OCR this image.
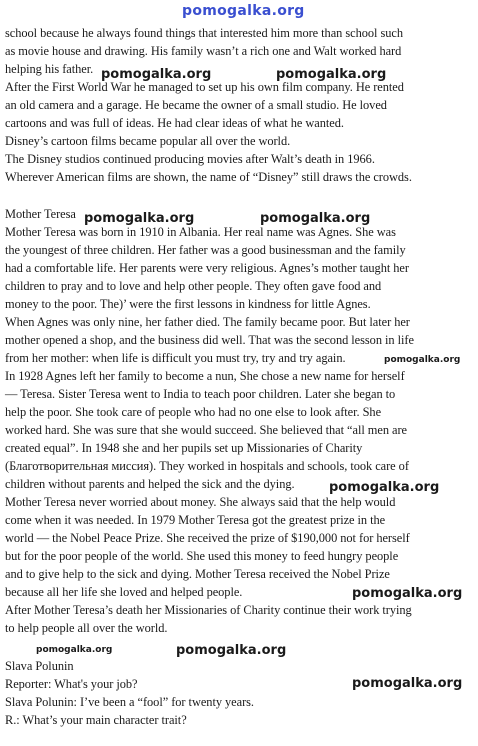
pomogalka.org
pomogalka.org	pomogalka.org
pomogalka.org	pomogalka.org
pomogalka.org
pomogalka.org
pomogalka.org
pomogalka.org	pomogalka.org
pomogalka.org
school because he always found things that interested him more than school such
as movie house and drawing. His family wasn’t a rich one and Walt worked hard
helping his father.
After the First World War he managed to set up his own film company. He rented
an old camera and a garage. He became the owner of a small studio. He loved
cartoons and was full of ideas. He had clear ideas of what he wanted.
Disney’s cartoon films became popular all over the world.
The Disney studios continued producing movies after Walt’s death in 1966.
Wherever American films are shown, the name of “Disney” still draws the crowds.
Mother Teresa
Mother Teresa was born in 1910 in Albania. Her real name was Agnes. She was
the youngest of three children. Her father was a good businessman and the family
had a comfortable life. Her parents were very religious. Agnes’s mother taught her
children to pray and to love and help other people. They often gave food and
money to the poor. The)’ were the first lessons in kindness for little Agnes.
When Agnes was only nine, her father died. The family became poor. But later her
mother opened a shop, and the business did well. That was the second lesson in life
from her mother: when life is difficult you must try, try and try again.
In 1928 Agnes left her family to become a nun, She chose a new name for herself
— Teresa. Sister Teresa went to India to teach poor children. Later she began to
help the poor. She took care of people who had no one else to look after. She
worked hard. She was sure that she would succeed. She believed that “all men are
created equal”. In 1948 she and her pupils set up Missionaries of Charity
(Благотворительная миссия). They worked in hospitals and schools, took care of
children without parents and helped the sick and the dying.
Mother Teresa never worried about money. She always said that the help would
come when it was needed. In 1979 Mother Teresa got the greatest prize in the
world — the Nobel Peace Prize. She received the prize of $190,000 not for herself
but for the poor people of the world. She used this money to feed hungry people
and to give help to the sick and dying. Mother Teresa received the Nobel Prize
because all her life she loved and helped people.
After Mother Teresa’s death her Missionaries of Charity continue their work trying
to help people all over the world.
Slava Polunin
Reporter: What's your job?
Slava Polunin: I’ve been a “fool” for twenty years.
R.: What’s your main character trait?
